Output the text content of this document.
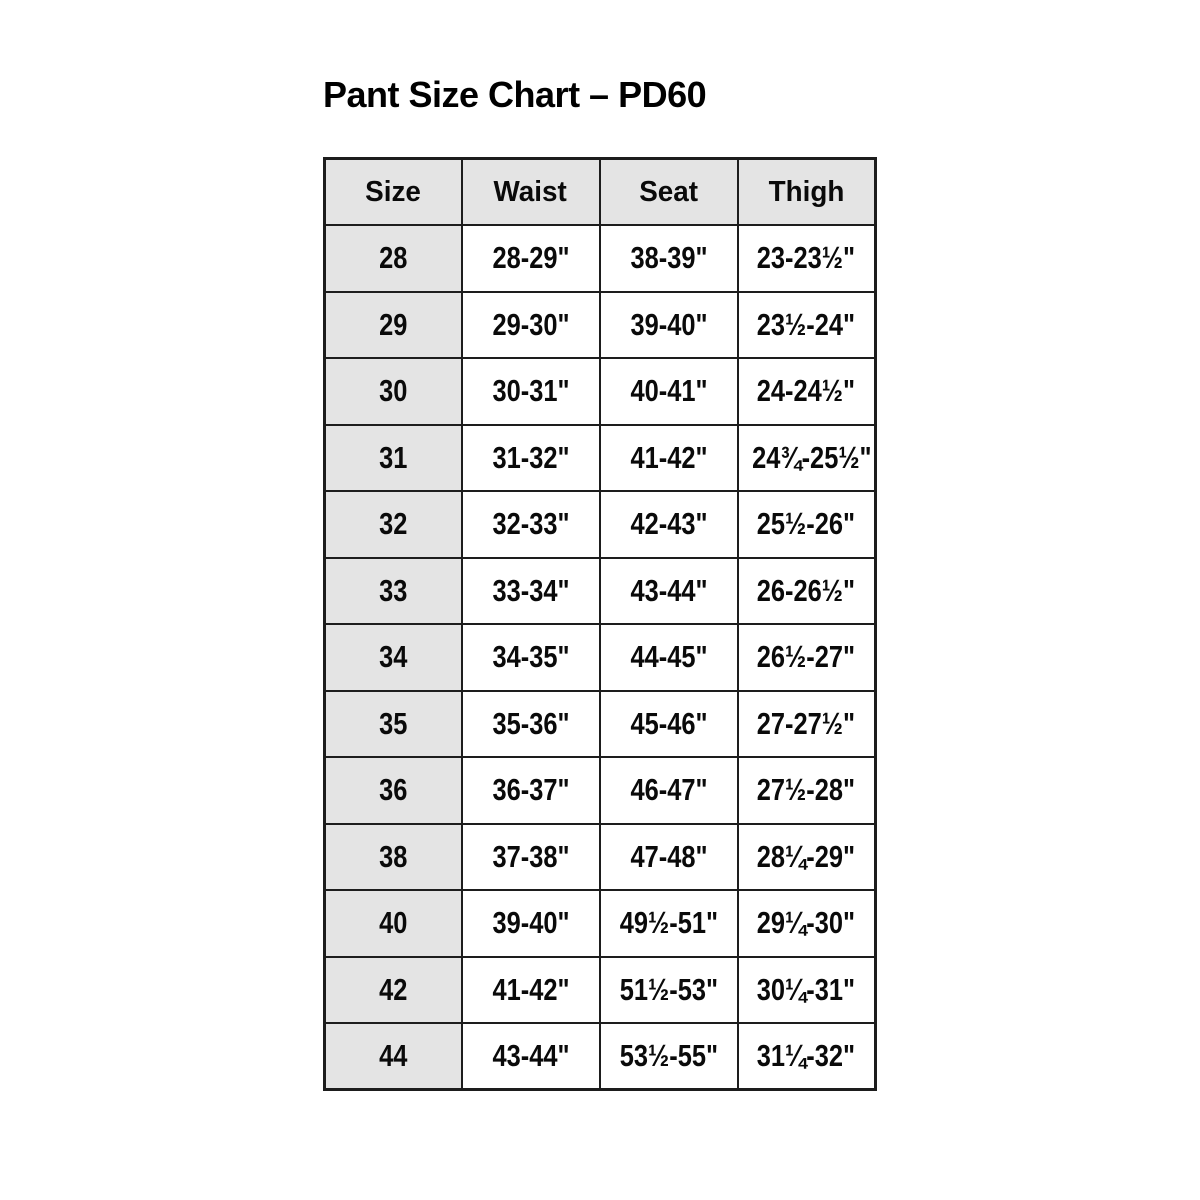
Pant Size Chart – PD60
Size	Waist	Seat	Thigh
28	28-29"	38-39"	23-23½"
29	29-30"	39-40"	23½-24"
30	30-31"	40-41"	24-24½"
31	31-32"	41-42"	24¾-25½"
32	32-33"	42-43"	25½-26"
33	33-34"	43-44"	26-26½"
34	34-35"	44-45"	26½-27"
35	35-36"	45-46"	27-27½"
36	36-37"	46-47"	27½-28"
38	37-38"	47-48"	28¼-29"
40	39-40"	49½-51"	29¼-30"
42	41-42"	51½-53"	30¼-31"
44	43-44"	53½-55"	31¼-32"
